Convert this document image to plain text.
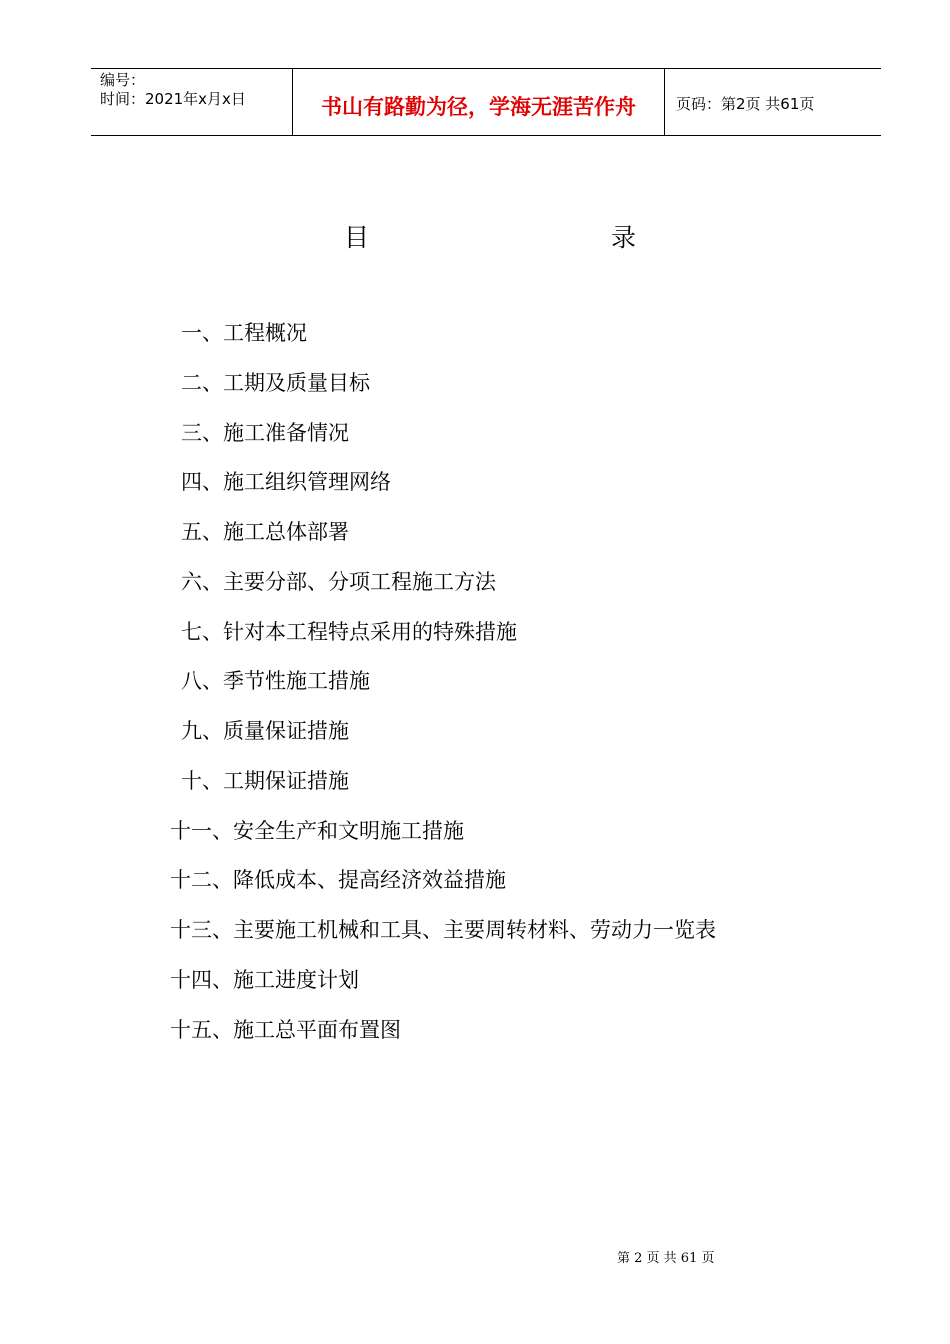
编号：
时间：2021年x月x日	书山有路勤为径，学海无涯苦作舟	页码：第2页 共61页
目	录
一、工程概况
二、工期及质量目标
三、施工准备情况
四、施工组织管理网络
五、施工总体部署
六、主要分部、分项工程施工方法
七、针对本工程特点采用的特殊措施
八、季节性施工措施
九、质量保证措施
十、工期保证措施
十一、安全生产和文明施工措施
十二、降低成本、提高经济效益措施
十三、主要施工机械和工具、主要周转材料、劳动力一览表
十四、施工进度计划
十五、施工总平面布置图
第 2 页 共 61 页
